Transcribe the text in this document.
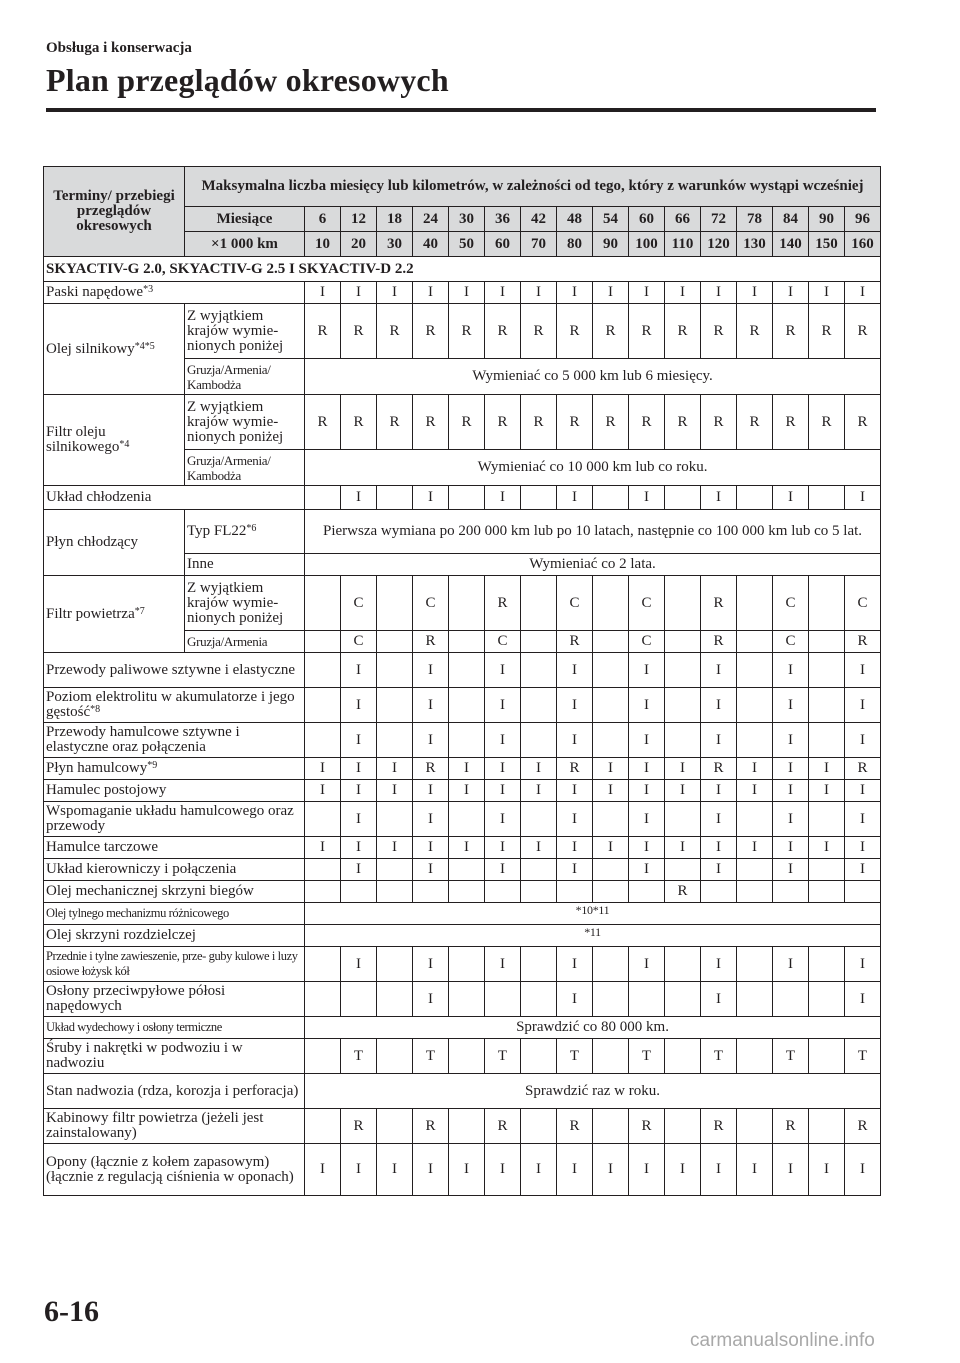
Obsługa i konserwacja
Plan przeglądów okresowych
Terminy/ przebiegi przeglądów okresowych	Maksymalna liczba miesięcy lub kilometrów, w zależności od tego, który z warunków wystąpi wcześniej																
	Miesiące	6	12	18	24	30	36	42	48	54	60	66	72	78	84	90	96
	×1 000 km	10	20	30	40	50	60	70	80	90	100	110	120	130	140	150	160
SKYACTIV-G 2.0, SKYACTIV-G 2.5 I SKYACTIV-D 2.2																	
Paski napędowe$^{*3}$		I	I	I	I	I	I	I	I	I	I	I	I	I	I	I	I
Olej silnikowy$^{*4*5}$	Z wyjątkiem krajów wymie- nionych poniżej	R	R	R	R	R	R	R	R	R	R	R	R	R	R	R	R
	Gruzja/Armenia/ Kambodża	Wymieniać co 5 000 km lub 6 miesięcy.															
Filtr oleju silnikowego$^{*4}$	Z wyjątkiem krajów wymie- nionych poniżej	R	R	R	R	R	R	R	R	R	R	R	R	R	R	R	R
	Gruzja/Armenia/ Kambodża	Wymieniać co 10 000 km lub co roku.															
Układ chłodzenia			I		I		I		I		I		I		I		I
Płyn chłodzący	Typ FL22$^{*6}$	Pierwsza wymiana po 200 000 km lub po 10 latach, następnie co 100 000 km lub co 5 lat.															
	Inne	Wymieniać co 2 lata.															
Filtr powietrza$^{*7}$	Z wyjątkiem krajów wymie- nionych poniżej		C		C		R		C		C		R		C		C
	Gruzja/Armenia		C		R		C		R		C		R		C		R
Przewody paliwowe sztywne i elastyczne			I		I		I		I		I		I		I		I
Poziom elektrolitu w akumulatorze i jego gęstość$^{*8}$			I		I		I		I		I		I		I		I
Przewody hamulcowe sztywne i elastyczne oraz połączenia			I		I		I		I		I		I		I		I
Płyn hamulcowy$^{*9}$		I	I	I	R	I	I	I	R	I	I	I	R	I	I	I	R
Hamulec postojowy		I	I	I	I	I	I	I	I	I	I	I	I	I	I	I	I
Wspomaganie układu hamulcowego oraz przewody			I		I		I		I		I		I		I		I
Hamulce tarczowe		I	I	I	I	I	I	I	I	I	I	I	I	I	I	I	I
Układ kierowniczy i połączenia			I		I		I		I		I		I		I		I
Olej mechanicznej skrzyni biegów												R					
Olej tylnego mechanizmu różnicowego		*10*11															
Olej skrzyni rozdzielczej		*11															
Przednie i tylne zawieszenie, prze- guby kulowe i luzy osiowe łożysk kół			I		I		I		I		I		I		I		I
Osłony przeciwpyłowe półosi napędowych					I				I				I				I
Układ wydechowy i osłony termiczne		Sprawdzić co 80 000 km.															
Śruby i nakrętki w podwoziu i w nadwoziu			T		T		T		T		T		T		T		T
Stan nadwozia (rdza, korozja i perforacja)		Sprawdzić raz w roku.															
Kabinowy filtr powietrza (jeżeli jest zainstalowany)			R		R		R		R		R		R		R		R
Opony (łącznie z kołem zapasowym) (łącznie z regulacją ciśnienia w oponach)		I	I	I	I	I	I	I	I	I	I	I	I	I	I	I	I
6-16
carmanualsonline.info
